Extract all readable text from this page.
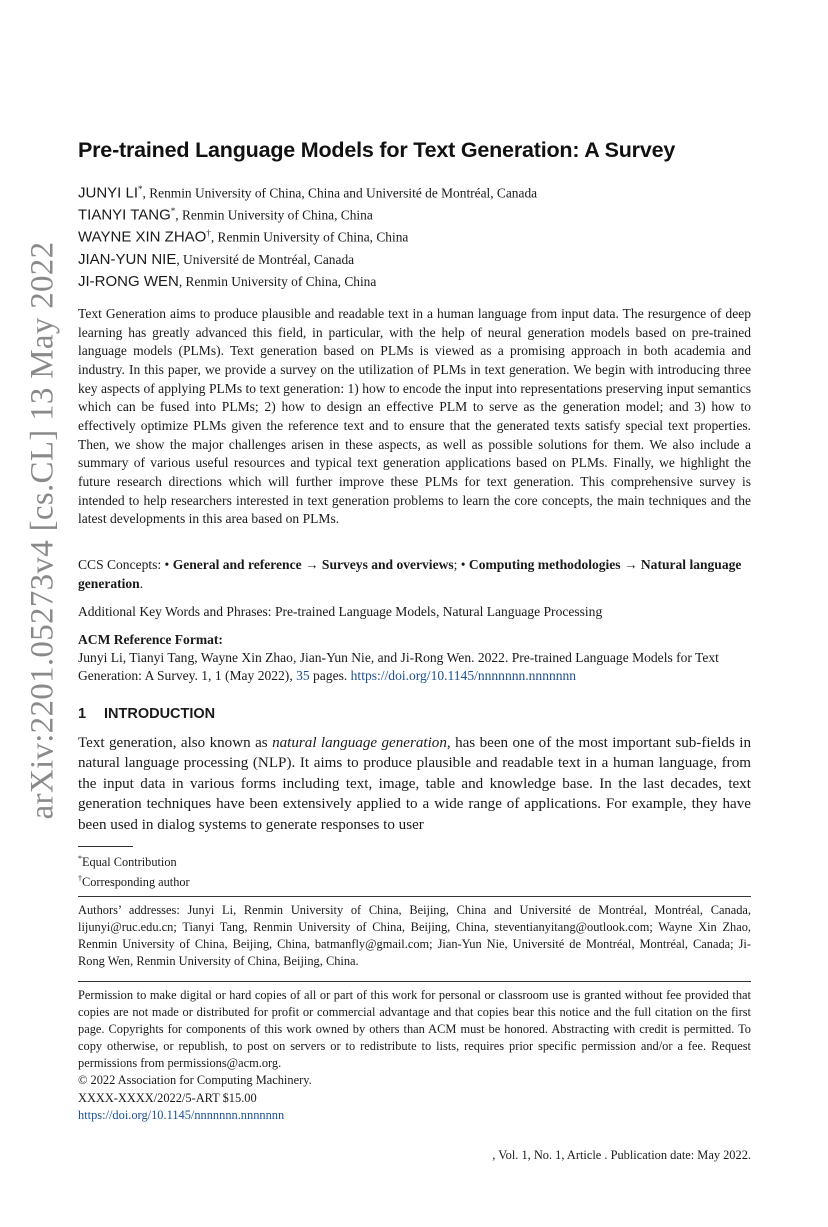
arXiv:2201.05273v4 [cs.CL] 13 May 2022
Pre-trained Language Models for Text Generation: A Survey
JUNYI LI*, Renmin University of China, China and Université de Montréal, Canada
TIANYI TANG*, Renmin University of China, China
WAYNE XIN ZHAO†, Renmin University of China, China
JIAN-YUN NIE, Université de Montréal, Canada
JI-RONG WEN, Renmin University of China, China
Text Generation aims to produce plausible and readable text in a human language from input data. The resurgence of deep learning has greatly advanced this field, in particular, with the help of neural generation models based on pre-trained language models (PLMs). Text generation based on PLMs is viewed as a promising approach in both academia and industry. In this paper, we provide a survey on the utilization of PLMs in text generation. We begin with introducing three key aspects of applying PLMs to text generation: 1) how to encode the input into representations preserving input semantics which can be fused into PLMs; 2) how to design an effective PLM to serve as the generation model; and 3) how to effectively optimize PLMs given the reference text and to ensure that the generated texts satisfy special text properties. Then, we show the major challenges arisen in these aspects, as well as possible solutions for them. We also include a summary of various useful resources and typical text generation applications based on PLMs. Finally, we highlight the future research directions which will further improve these PLMs for text generation. This comprehensive survey is intended to help researchers interested in text generation problems to learn the core concepts, the main techniques and the latest developments in this area based on PLMs.
CCS Concepts: • General and reference → Surveys and overviews; • Computing methodologies → Natural language generation.
Additional Key Words and Phrases: Pre-trained Language Models, Natural Language Processing
ACM Reference Format:
Junyi Li, Tianyi Tang, Wayne Xin Zhao, Jian-Yun Nie, and Ji-Rong Wen. 2022. Pre-trained Language Models for Text Generation: A Survey. 1, 1 (May 2022), 35 pages. https://doi.org/10.1145/nnnnnnn.nnnnnnn
1 INTRODUCTION
Text generation, also known as natural language generation, has been one of the most important sub-fields in natural language processing (NLP). It aims to produce plausible and readable text in a human language, from the input data in various forms including text, image, table and knowledge base. In the last decades, text generation techniques have been extensively applied to a wide range of applications. For example, they have been used in dialog systems to generate responses to user
*Equal Contribution
†Corresponding author
Authors’ addresses: Junyi Li, Renmin University of China, Beijing, China and Université de Montréal, Montréal, Canada, lijunyi@ruc.edu.cn; Tianyi Tang, Renmin University of China, Beijing, China, steventianyitang@outlook.com; Wayne Xin Zhao, Renmin University of China, Beijing, China, batmanfly@gmail.com; Jian-Yun Nie, Université de Montréal, Montréal, Canada; Ji-Rong Wen, Renmin University of China, Beijing, China.
Permission to make digital or hard copies of all or part of this work for personal or classroom use is granted without fee provided that copies are not made or distributed for profit or commercial advantage and that copies bear this notice and the full citation on the first page. Copyrights for components of this work owned by others than ACM must be honored. Abstracting with credit is permitted. To copy otherwise, or republish, to post on servers or to redistribute to lists, requires prior specific permission and/or a fee. Request permissions from permissions@acm.org.
© 2022 Association for Computing Machinery.
XXXX-XXXX/2022/5-ART $15.00
https://doi.org/10.1145/nnnnnnn.nnnnnnn
, Vol. 1, No. 1, Article . Publication date: May 2022.
